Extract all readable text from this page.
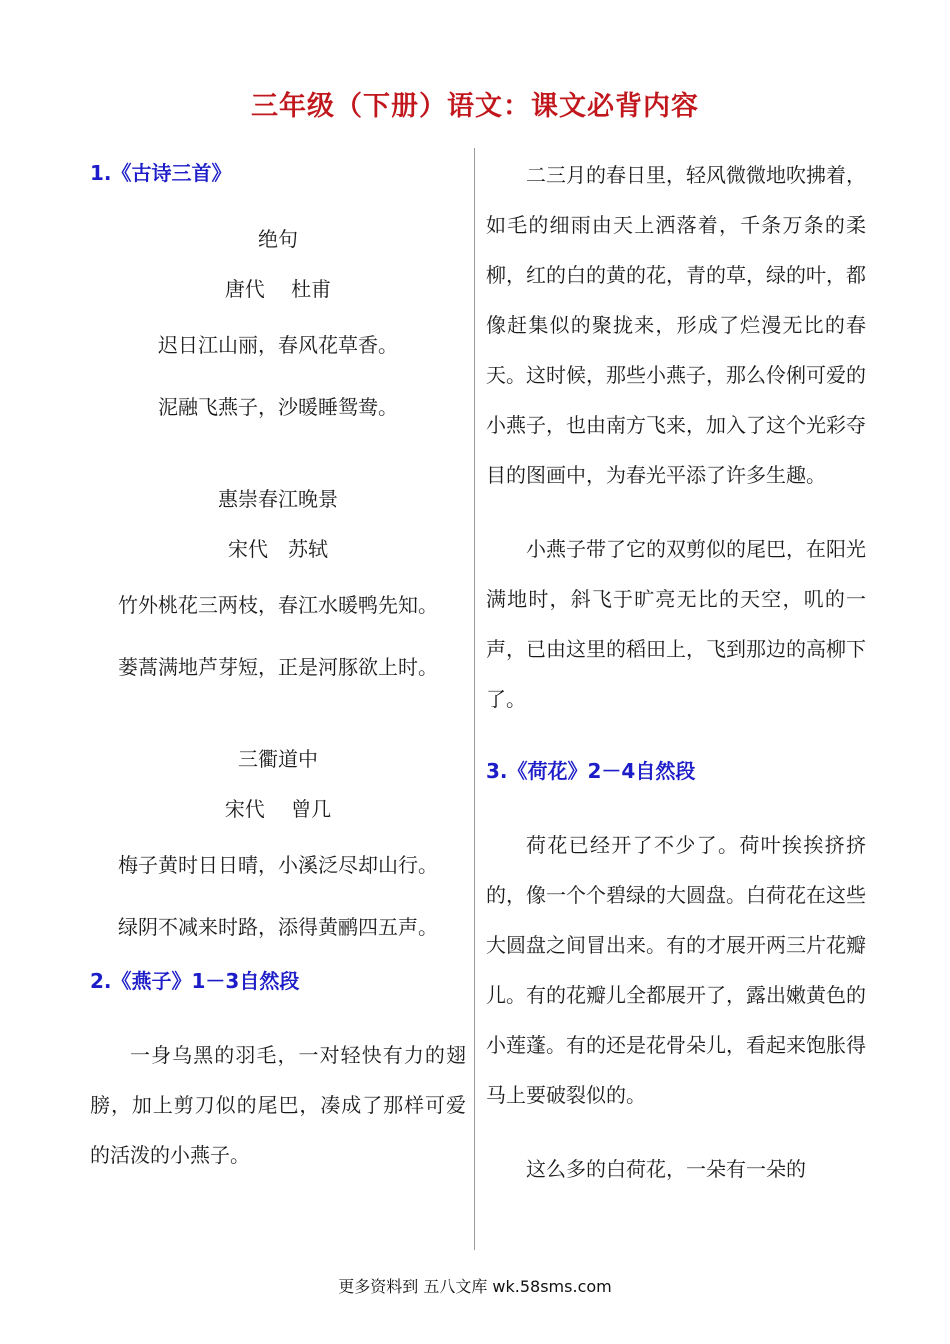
三年级（下册）语文：课文必背内容
1.《古诗三首》
绝句
唐代　 杜甫
迟日江山丽，春风花草香。
泥融飞燕子，沙暖睡鸳鸯。
惠崇春江晚景
宋代　苏轼
竹外桃花三两枝，春江水暖鸭先知。
蒌蒿满地芦芽短，正是河豚欲上时。
三衢道中
宋代　 曾几
梅子黄时日日晴，小溪泛尽却山行。
绿阴不减来时路，添得黄鹂四五声。
2.《燕子》1－3自然段

一身乌黑的羽毛，一对轻快有力的翅膀，加上剪刀似的尾巴，凑成了那样可爱的活泼的小燕子。

二三月的春日里，轻风微微地吹拂着，如毛的细雨由天上洒落着，千条万条的柔柳，红的白的黄的花，青的草，绿的叶，都像赶集似的聚拢来，形成了烂漫无比的春天。这时候，那些小燕子，那么伶俐可爱的小燕子，也由南方飞来，加入了这个光彩夺目的图画中，为春光平添了许多生趣。

小燕子带了它的双剪似的尾巴，在阳光满地时，斜飞于旷亮无比的天空，叽的一声，已由这里的稻田上，飞到那边的高柳下了。

3.《荷花》2－4自然段

荷花已经开了不少了。荷叶挨挨挤挤的，像一个个碧绿的大圆盘。白荷花在这些大圆盘之间冒出来。有的才展开两三片花瓣儿。有的花瓣儿全都展开了，露出嫩黄色的小莲蓬。有的还是花骨朵儿，看起来饱胀得马上要破裂似的。

这么多的白荷花，一朵有一朵的

更多资料到 五八文库 wk.58sms.com
